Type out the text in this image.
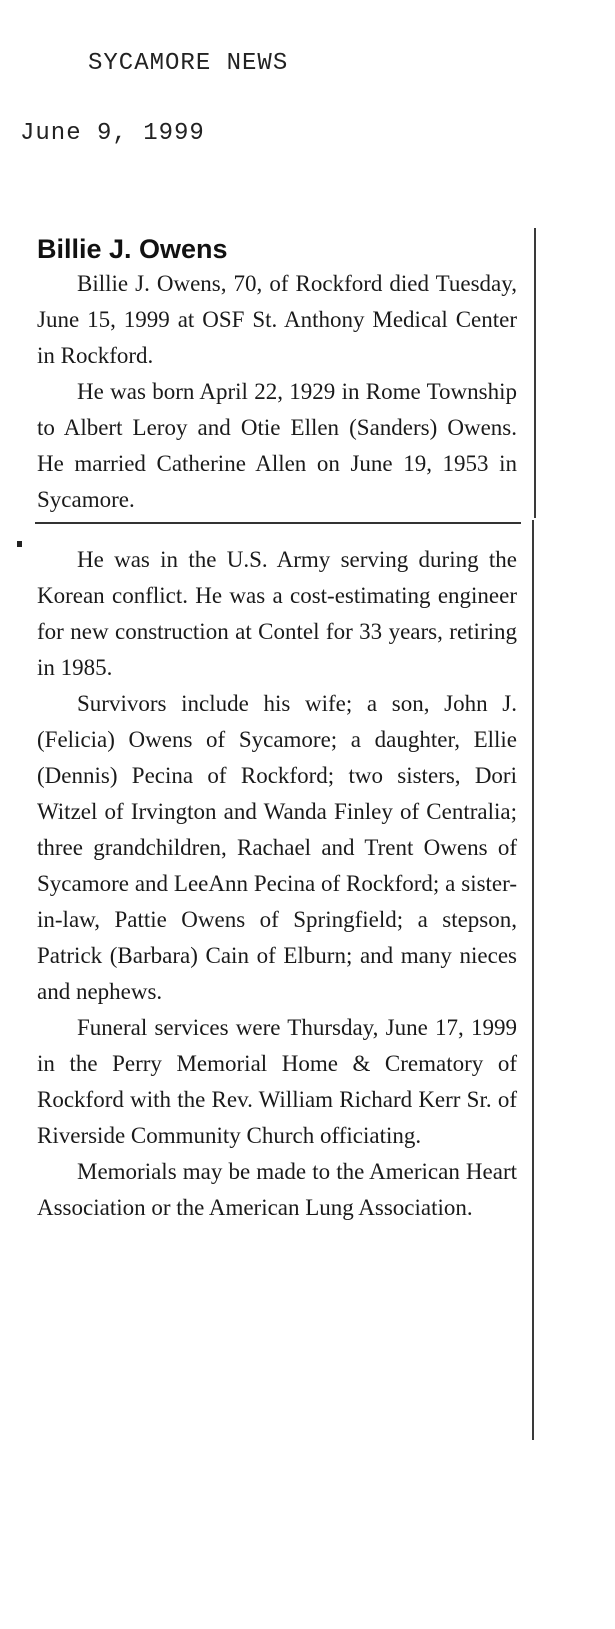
SYCAMORE NEWS
June 9, 1999
Billie J. Owens

Billie J. Owens, 70, of Rockford died Tuesday, June 15, 1999 at OSF St. Anthony Medical Center in Rockford.

He was born April 22, 1929 in Rome Township to Albert Leroy and Otie Ellen (Sanders) Owens. He married Catherine Allen on June 19, 1953 in Sycamore.

He was in the U.S. Army serving during the Korean conflict. He was a cost-estimating engineer for new construction at Contel for 33 years, retiring in 1985.

Survivors include his wife; a son, John J. (Felicia) Owens of Sycamore; a daughter, Ellie (Dennis) Pecina of Rockford; two sisters, Dori Witzel of Irvington and Wanda Finley of Centralia; three grandchildren, Rachael and Trent Owens of Sycamore and LeeAnn Pecina of Rockford; a sister-in-law, Pattie Owens of Springfield; a stepson, Patrick (Barbara) Cain of Elburn; and many nieces and nephews.

Funeral services were Thursday, June 17, 1999 in the Perry Memorial Home & Crematory of Rockford with the Rev. William Richard Kerr Sr. of Riverside Community Church officiating.

Memorials may be made to the American Heart Association or the American Lung Association.
